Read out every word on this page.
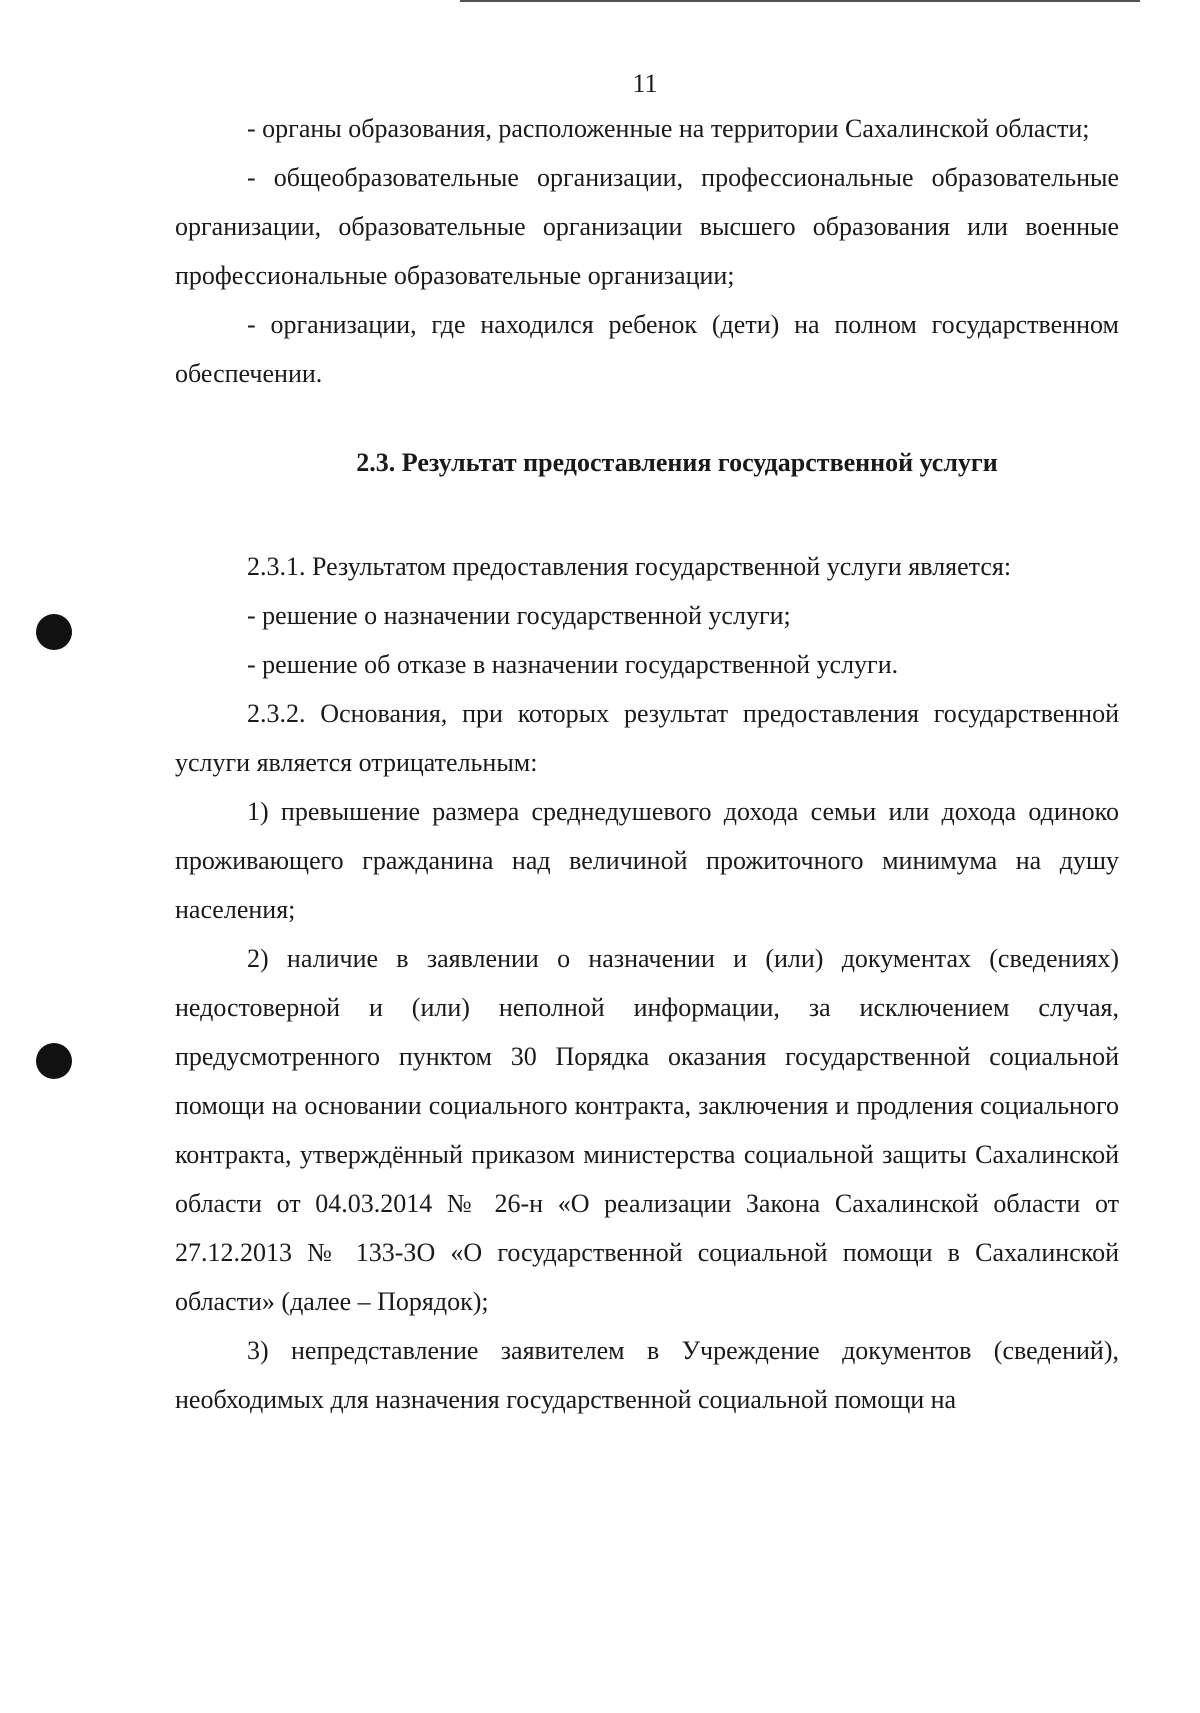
11

- органы образования, расположенные на территории Сахалинской области;

- общеобразовательные организации, профессиональные образовательные организации, образовательные организации высшего образования или военные профессиональные образовательные организации;

- организации, где находился ребенок (дети) на полном государственном обеспечении.

2.3. Результат предоставления государственной услуги

2.3.1. Результатом предоставления государственной услуги является:

- решение о назначении государственной услуги;

- решение об отказе в назначении государственной услуги.

2.3.2. Основания, при которых результат предоставления государственной услуги является отрицательным:

1) превышение размера среднедушевого дохода семьи или дохода одиноко проживающего гражданина над величиной прожиточного минимума на душу населения;

2) наличие в заявлении о назначении и (или) документах (сведениях) недостоверной и (или) неполной информации, за исключением случая, предусмотренного пунктом 30 Порядка оказания государственной социальной помощи на основании социального контракта, заключения и продления социального контракта, утверждённый приказом министерства социальной защиты Сахалинской области от 04.03.2014 № 26-н «О реализации Закона Сахалинской области от 27.12.2013 № 133-ЗО «О государственной социальной помощи в Сахалинской области» (далее – Порядок);

3) непредставление заявителем в Учреждение документов (сведений), необходимых для назначения государственной социальной помощи на
